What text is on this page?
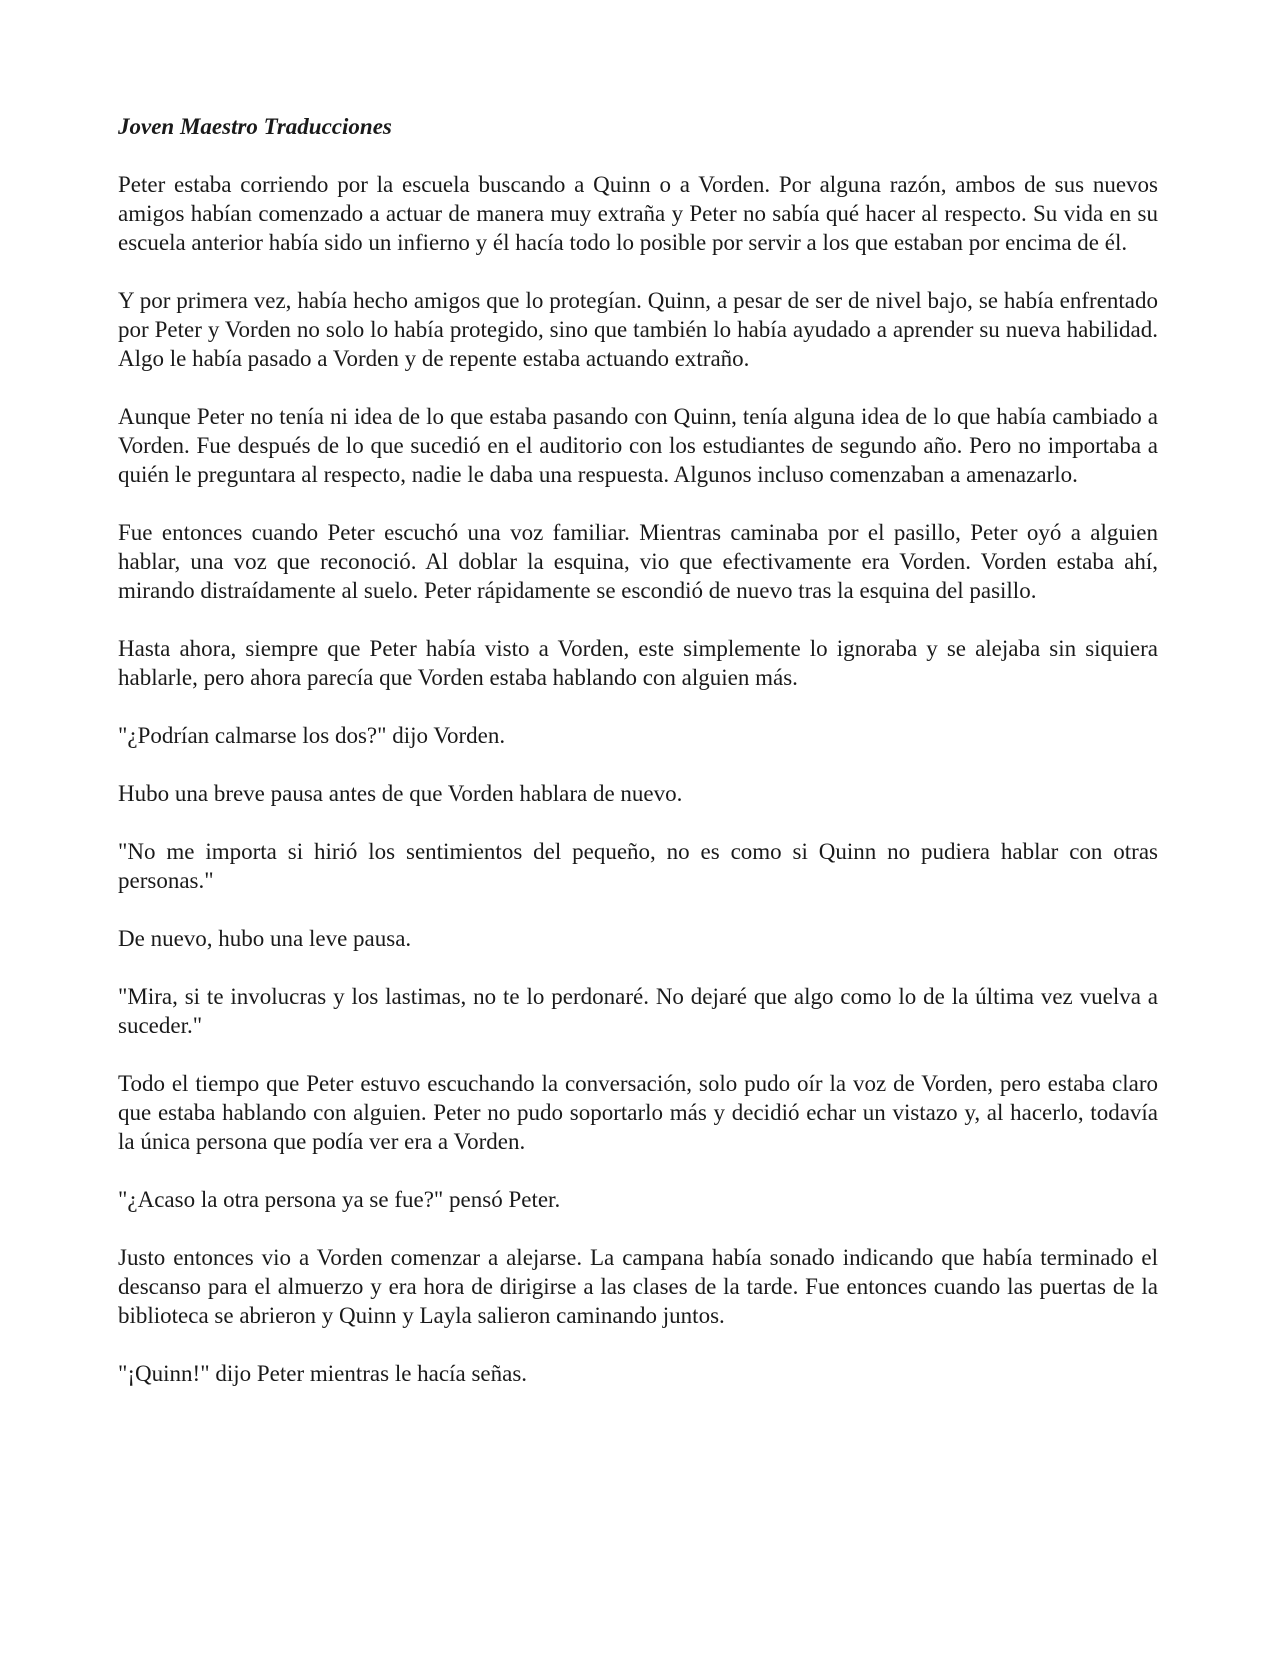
Joven Maestro Traducciones

Peter estaba corriendo por la escuela buscando a Quinn o a Vorden. Por alguna razón, ambos de sus nuevos amigos habían comenzado a actuar de manera muy extraña y Peter no sabía qué hacer al respecto. Su vida en su escuela anterior había sido un infierno y él hacía todo lo posible por servir a los que estaban por encima de él.

Y por primera vez, había hecho amigos que lo protegían. Quinn, a pesar de ser de nivel bajo, se había enfrentado por Peter y Vorden no solo lo había protegido, sino que también lo había ayudado a aprender su nueva habilidad. Algo le había pasado a Vorden y de repente estaba actuando extraño.

Aunque Peter no tenía ni idea de lo que estaba pasando con Quinn, tenía alguna idea de lo que había cambiado a Vorden. Fue después de lo que sucedió en el auditorio con los estudiantes de segundo año. Pero no importaba a quién le preguntara al respecto, nadie le daba una respuesta. Algunos incluso comenzaban a amenazarlo.

Fue entonces cuando Peter escuchó una voz familiar. Mientras caminaba por el pasillo, Peter oyó a alguien hablar, una voz que reconoció. Al doblar la esquina, vio que efectivamente era Vorden. Vorden estaba ahí, mirando distraídamente al suelo. Peter rápidamente se escondió de nuevo tras la esquina del pasillo.

Hasta ahora, siempre que Peter había visto a Vorden, este simplemente lo ignoraba y se alejaba sin siquiera hablarle, pero ahora parecía que Vorden estaba hablando con alguien más.

"¿Podrían calmarse los dos?" dijo Vorden.

Hubo una breve pausa antes de que Vorden hablara de nuevo.

"No me importa si hirió los sentimientos del pequeño, no es como si Quinn no pudiera hablar con otras personas."

De nuevo, hubo una leve pausa.

"Mira, si te involucras y los lastimas, no te lo perdonaré. No dejaré que algo como lo de la última vez vuelva a suceder."

Todo el tiempo que Peter estuvo escuchando la conversación, solo pudo oír la voz de Vorden, pero estaba claro que estaba hablando con alguien. Peter no pudo soportarlo más y decidió echar un vistazo y, al hacerlo, todavía la única persona que podía ver era a Vorden.

"¿Acaso la otra persona ya se fue?" pensó Peter.

Justo entonces vio a Vorden comenzar a alejarse. La campana había sonado indicando que había terminado el descanso para el almuerzo y era hora de dirigirse a las clases de la tarde. Fue entonces cuando las puertas de la biblioteca se abrieron y Quinn y Layla salieron caminando juntos.

"¡Quinn!" dijo Peter mientras le hacía señas.
